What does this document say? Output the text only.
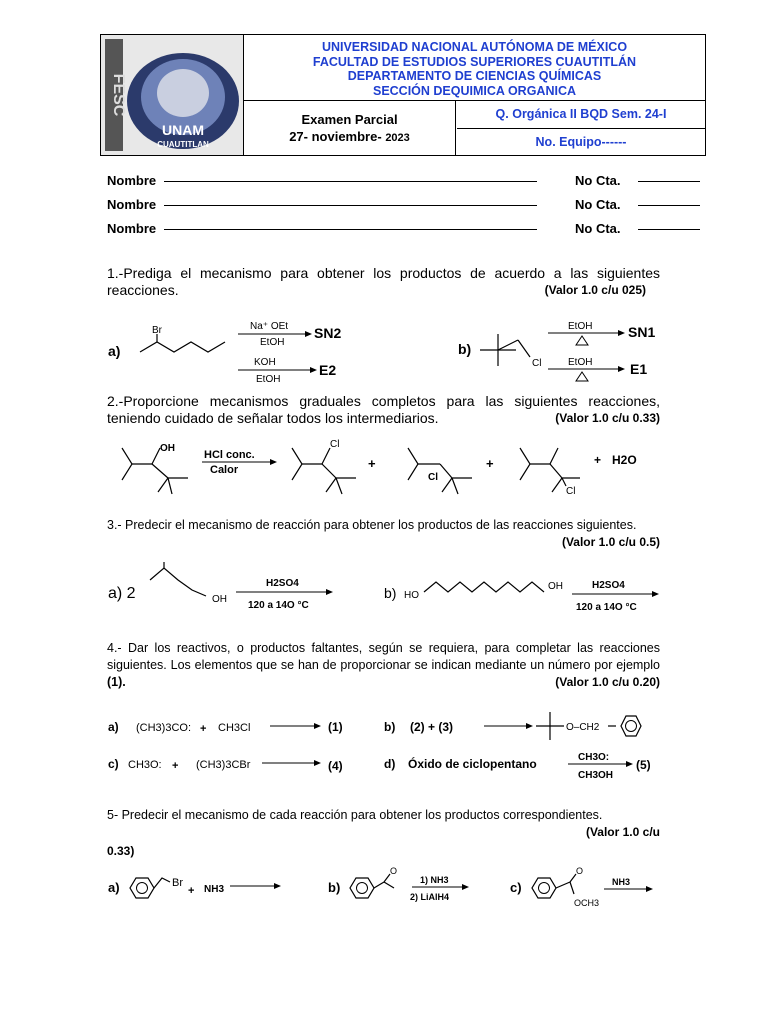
FESC
UNAM
CUAUTITLAN
UNIVERSIDAD NACIONAL AUTÓNOMA DE MÉXICO
FACULTAD DE ESTUDIOS SUPERIORES CUAUTITLÁN
DEPARTAMENTO DE CIENCIAS QUÍMICAS
SECCIÓN DEQUIMICA ORGANICA
Examen Parcial
27- noviembre- 2023
Q. Orgánica II BQD Sem. 24-I
No. Equipo------
Nombre	No Cta.
Nombre	No Cta.
Nombre	No Cta.
1.-Prediga el mecanismo para obtener los productos de acuerdo a las siguientes reacciones.	(Valor 1.0 c/u 025)
a)
Br	Na⁺ OEt
EtOH
SN2
KOH
EtOH
E2
b)
Cl
EtOH	SN1
EtOH	E1
2.-Proporcione mecanismos graduales completos para las siguientes reacciones, teniendo cuidado de señalar todos los intermediarios.	(Valor 1.0 c/u 0.33)
OH
HCl conc.
Calor
Cl
+
Cl
+
Cl
+ H2O
3.- Predecir el mecanismo de reacción para obtener los productos de las reacciones siguientes.
(Valor 1.0 c/u 0.5)
a) 2	OH
H2SO4
120 a 14O °C
b) HO
OH	H2SO4
120 a 14O °C
4.- Dar los reactivos, o productos faltantes, según se requiera, para completar las reacciones siguientes. Los elementos que se han de proporcionar se indican mediante un número por ejemplo (1).	(Valor 1.0 c/u 0.20)
a) (CH3)3CO: + CH3Cl	(1)	b) (2) + (3)	O–CH2
c) CH3O: + (CH3)3CBr	(4)	d) Óxido de ciclopentano	CH3O:
CH3OH
(5)
5- Predecir el mecanismo de cada reacción para obtener los productos correspondientes.
(Valor 1.0 c/u
0.33)
a)	Br
+ NH3	b)
O
1) NH3
2) LiAlH4
c)
O
OCH3
NH3
